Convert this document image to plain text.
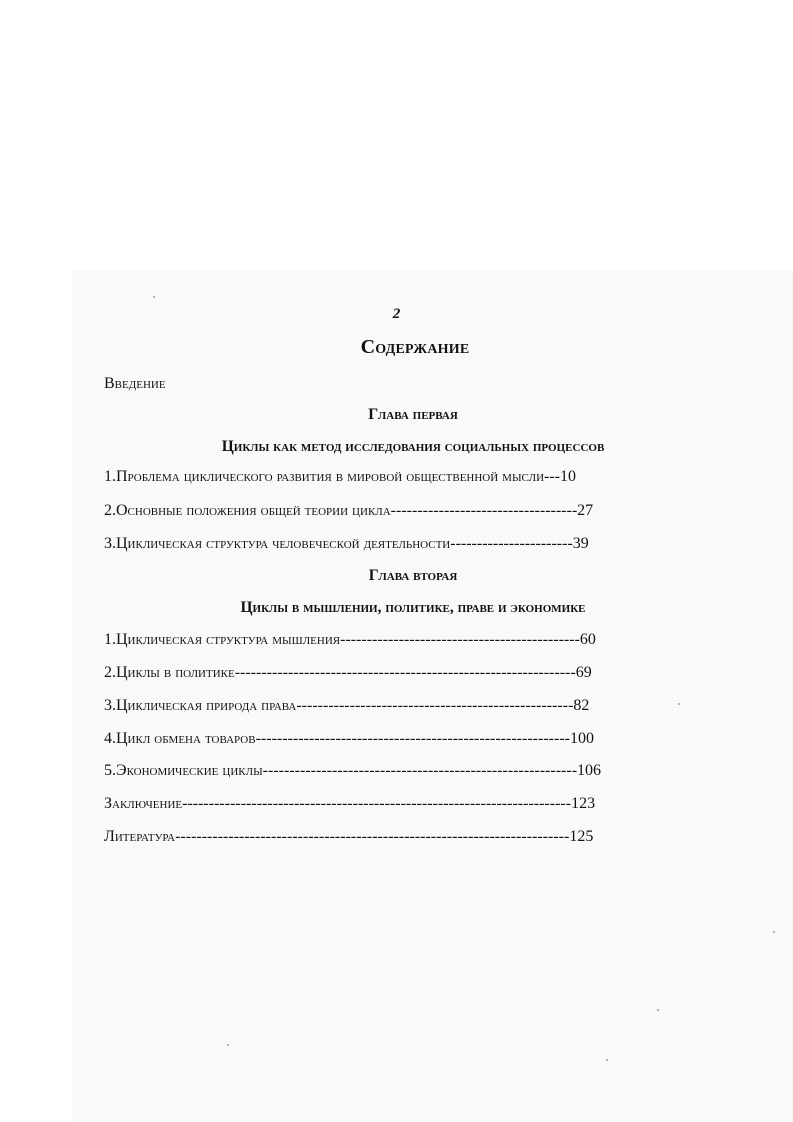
2
Содержание
Введение
Глава первая
Циклы как метод исследования социальных процессов
1.Проблема циклического развития в мировой общественной мысли---10
2.Основные положения общей теории цикла-----------------------------------27
3.Циклическая структура человеческой деятельности-----------------------39
Глава вторая
Циклы в мышлении, политике, праве и экономике
1.Циклическая структура мышления---------------------------------------------60
2.Циклы в политике----------------------------------------------------------------69
3.Циклическая природа права----------------------------------------------------82
4.Цикл обмена товаров-----------------------------------------------------------100
5.Экономические циклы-----------------------------------------------------------106
Заключение-------------------------------------------------------------------------123
Литература--------------------------------------------------------------------------125
